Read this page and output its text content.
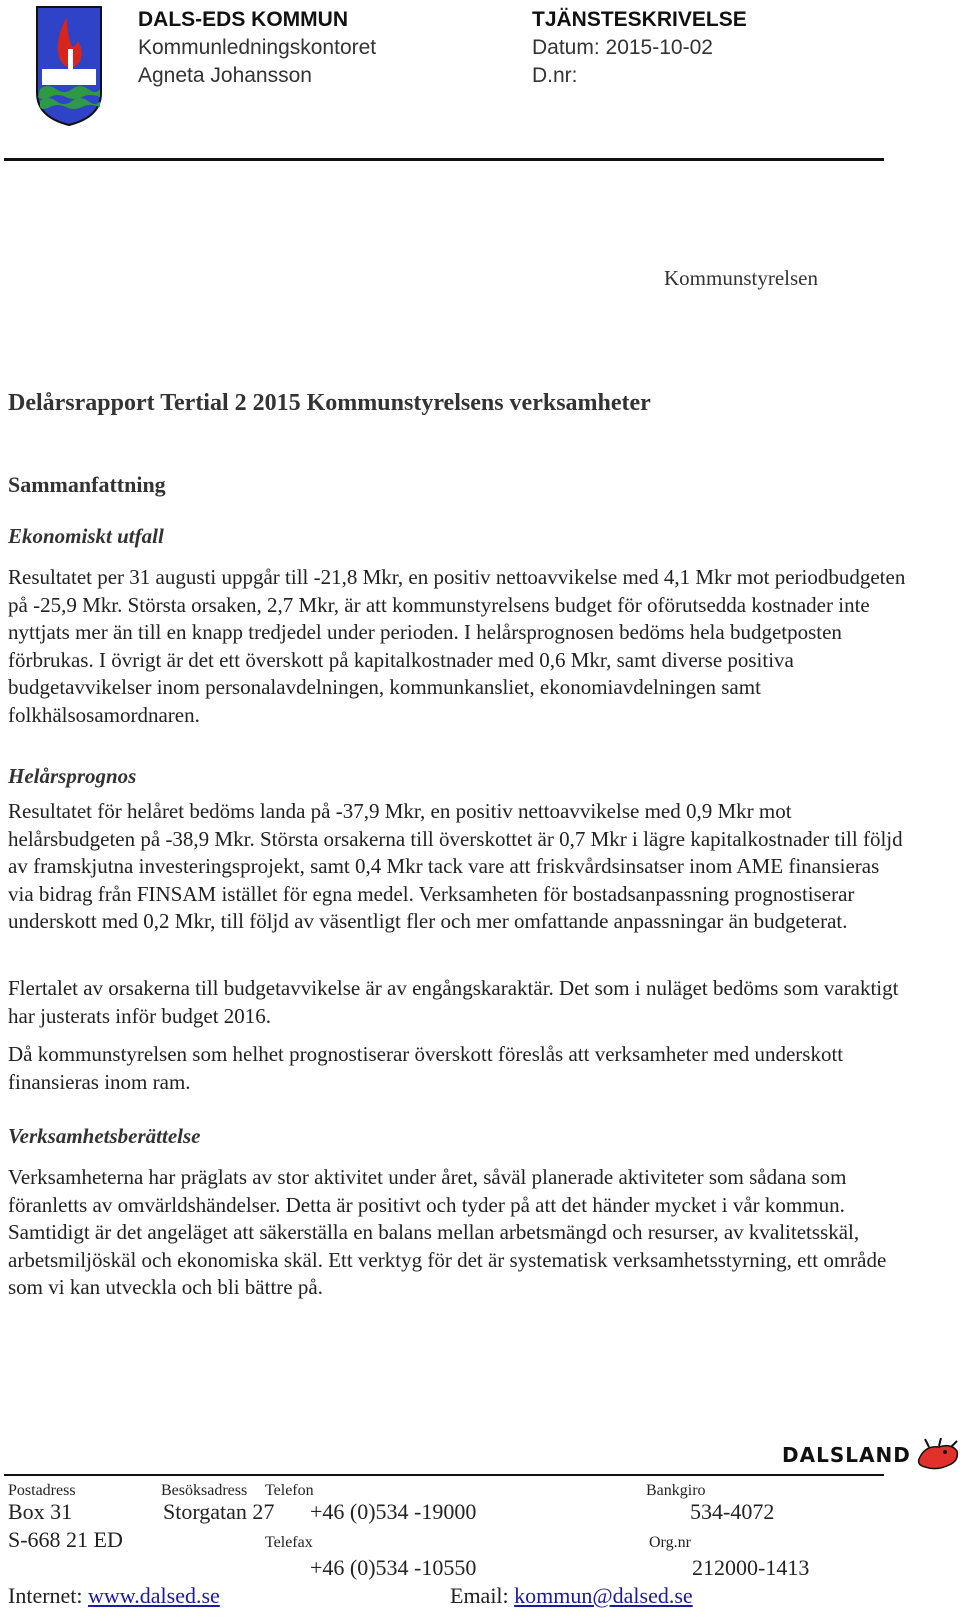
DALS-EDS KOMMUN
Kommunledningskontoret
Agneta Johansson
TJÄNSTESKRIVELSE
Datum: 2015-10-02
D.nr:
Kommunstyrelsen
Delårsrapport Tertial 2 2015 Kommunstyrelsens verksamheter
Sammanfattning
Ekonomiskt utfall

Resultatet per 31 augusti uppgår till -21,8 Mkr, en positiv nettoavvikelse med 4,1 Mkr mot periodbudgeten på -25,9 Mkr. Största orsaken, 2,7 Mkr, är att kommunstyrelsens budget för oförutsedda kostnader inte nyttjats mer än till en knapp tredjedel under perioden. I helårsprognosen bedöms hela budgetposten förbrukas. I övrigt är det ett överskott på kapitalkostnader med 0,6 Mkr, samt diverse positiva budgetavvikelser inom personalavdelningen, kommunkansliet, ekonomiavdelningen samt folkhälsosamordnaren.

Helårsprognos

Resultatet för helåret bedöms landa på -37,9 Mkr, en positiv nettoavvikelse med 0,9 Mkr mot helårsbudgeten på -38,9 Mkr. Största orsakerna till överskottet är 0,7 Mkr i lägre kapitalkostnader till följd av framskjutna investeringsprojekt, samt 0,4 Mkr tack vare att friskvårdsinsatser inom AME finansieras via bidrag från FINSAM istället för egna medel. Verksamheten för bostadsanpassning prognostiserar underskott med 0,2 Mkr, till följd av väsentligt fler och mer omfattande anpassningar än budgeterat.

Flertalet av orsakerna till budgetavvikelse är av engångskaraktär. Det som i nuläget bedöms som varaktigt har justerats inför budget 2016.

Då kommunstyrelsen som helhet prognostiserar överskott föreslås att verksamheter med underskott finansieras inom ram.

Verksamhetsberättelse

Verksamheterna har präglats av stor aktivitet under året, såväl planerade aktiviteter som sådana som föranletts av omvärldshändelser. Detta är positivt och tyder på att det händer mycket i vår kommun. Samtidigt är det angeläget att säkerställa en balans mellan arbetsmängd och resurser, av kvalitetsskäl, arbetsmiljöskäl och ekonomiska skäl. Ett verktyg för det är systematisk verksamhetsstyrning, ett område som vi kan utveckla och bli bättre på.

DALSLAND
Postadress	Besöksadress Telefon	Bankgiro
Box 31	Storgatan 27 +46 (0)534 -19000	534-4072
S-668 21 ED	Telefax	Org.nr
+46 (0)534 -10550	212000-1413
Internet: www.dalsed.se	Email: kommun@dalsed.se
